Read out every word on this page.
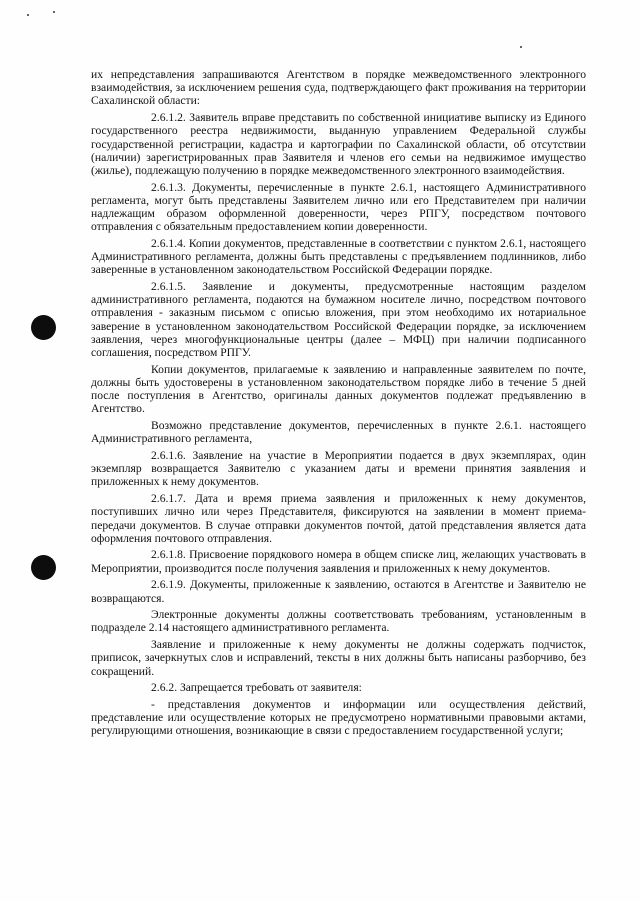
их непредставления запрашиваются Агентством в порядке межведомственного электронного взаимодействия, за исключением решения суда, подтверждающего факт проживания на территории Сахалинской области:

2.6.1.2. Заявитель вправе представить по собственной инициативе выписку из Единого государственного реестра недвижимости, выданную управлением Федеральной службы государственной регистрации, кадастра и картографии по Сахалинской области, об отсутствии (наличии) зарегистрированных прав Заявителя и членов его семьи на недвижимое имущество (жилье), подлежащую получению в порядке межведомственного электронного взаимодействия.

2.6.1.3. Документы, перечисленные в пункте 2.6.1, настоящего Административного регламента, могут быть представлены Заявителем лично или его Представителем при наличии надлежащим образом оформленной доверенности, через РПГУ, посредством почтового отправления с обязательным предоставлением копии доверенности.

2.6.1.4. Копии документов, представленные в соответствии с пунктом 2.6.1, настоящего Административного регламента, должны быть представлены с предъявлением подлинников, либо заверенные в установленном законодательством Российской Федерации порядке.

2.6.1.5. Заявление и документы, предусмотренные настоящим разделом административного регламента, подаются на бумажном носителе лично, посредством почтового отправления - заказным письмом с описью вложения, при этом необходимо их нотариальное заверение в установленном законодательством Российской Федерации порядке, за исключением заявления, через многофункциональные центры (далее – МФЦ) при наличии подписанного соглашения, посредством РПГУ.

Копии документов, прилагаемые к заявлению и направленные заявителем по почте, должны быть удостоверены в установленном законодательством порядке либо в течение 5 дней после поступления в Агентство, оригиналы данных документов подлежат предъявлению в Агентство.

Возможно представление документов, перечисленных в пункте 2.6.1. настоящего Административного регламента,

2.6.1.6. Заявление на участие в Мероприятии подается в двух экземплярах, один экземпляр возвращается Заявителю с указанием даты и времени принятия заявления и приложенных к нему документов.

2.6.1.7. Дата и время приема заявления и приложенных к нему документов, поступивших лично или через Представителя, фиксируются на заявлении в момент приема-передачи документов. В случае отправки документов почтой, датой представления является дата оформления почтового отправления.

2.6.1.8. Присвоение порядкового номера в общем списке лиц, желающих участвовать в Мероприятии, производится после получения заявления и приложенных к нему документов.

2.6.1.9. Документы, приложенные к заявлению, остаются в Агентстве и Заявителю не возвращаются.

Электронные документы должны соответствовать требованиям, установленным в подразделе 2.14 настоящего административного регламента.

Заявление и приложенные к нему документы не должны содержать подчисток, приписок, зачеркнутых слов и исправлений, тексты в них должны быть написаны разборчиво, без сокращений.

2.6.2. Запрещается требовать от заявителя:

- представления документов и информации или осуществления действий, представление или осуществление которых не предусмотрено нормативными правовыми актами, регулирующими отношения, возникающие в связи с предоставлением государственной услуги;
